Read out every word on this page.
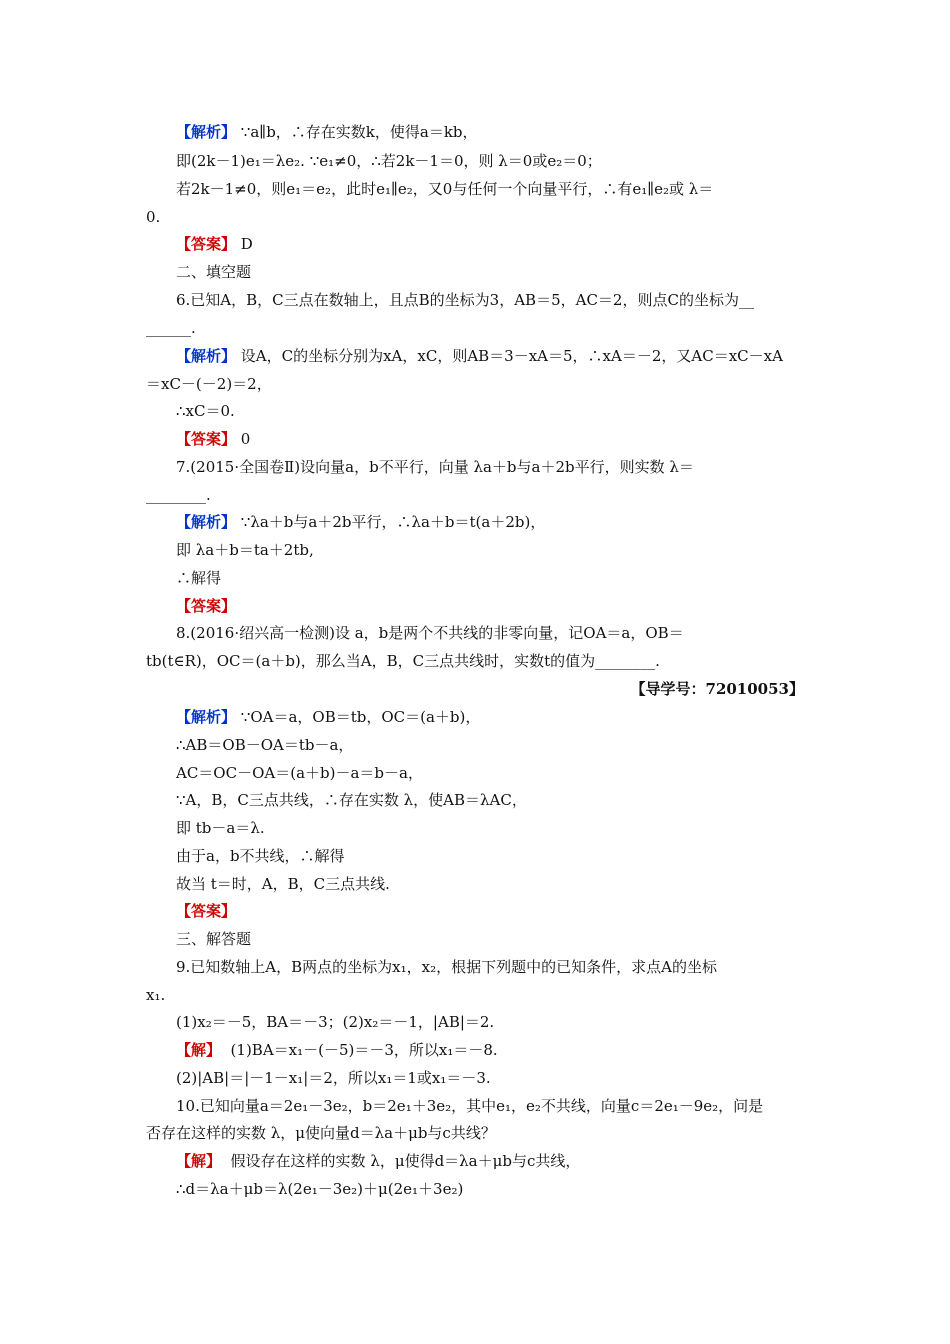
【解析】 ∵a∥b，∴存在实数k，使得a＝kb，
即(2k－1)e₁＝λe₂. ∵e₁≠0，∴若2k－1＝0，则 λ＝0或e₂＝0；
若2k－1≠0，则e₁＝e₂，此时e₁∥e₂，又0与任何一个向量平行，∴有e₁∥e₂或 λ＝
0.
【答案】 D
二、填空题
6.已知A，B，C三点在数轴上，且点B的坐标为3，AB＝5，AC＝2，则点C的坐标为__
______.
【解析】 设A，C的坐标分别为xA，xC，则AB＝3－xA＝5，∴xA＝－2，又AC＝xC－xA
＝xC－(－2)＝2，
∴xC＝0.
【答案】 0
7.(2015·全国卷Ⅱ)设向量a，b不平行，向量 λa＋b与a＋2b平行，则实数 λ＝
________.
【解析】 ∵λa＋b与a＋2b平行，∴λa＋b＝t(a＋2b)，
即 λa＋b＝ta＋2tb,
∴解得
【答案】
8.(2016·绍兴高一检测)设 a，b是两个不共线的非零向量，记OA＝a，OB＝
tb(t∈R)，OC＝(a＋b)，那么当A，B，C三点共线时，实数t的值为________.
【解析】 ∵OA＝a，OB＝tb，OC＝(a＋b)，
∴AB＝OB－OA＝tb－a，
AC＝OC－OA＝(a＋b)－a＝b－a，
∵A，B，C三点共线，∴存在实数 λ，使AB＝λAC，
即 tb－a＝λ.
由于a，b不共线，∴解得
故当 t＝时，A，B，C三点共线.
【答案】
三、解答题
9.已知数轴上A，B两点的坐标为x₁，x₂，根据下列题中的已知条件，求点A的坐标
x₁.
(1)x₂＝－5，BA＝－3；(2)x₂＝－1，|AB|＝2.
【解】  (1)BA＝x₁－(－5)＝－3，所以x₁＝－8.
(2)|AB|＝|－1－x₁|＝2，所以x₁＝1或x₁＝－3.
10.已知向量a＝2e₁－3e₂，b＝2e₁＋3e₂，其中e₁，e₂不共线，向量c＝2e₁－9e₂，问是
否存在这样的实数 λ，μ使向量d＝λa＋μb与c共线？
【解】  假设存在这样的实数 λ，μ使得d＝λa＋μb与c共线，
∴d＝λa＋μb＝λ(2e₁－3e₂)＋μ(2e₁＋3e₂)
【导学号：72010053】
